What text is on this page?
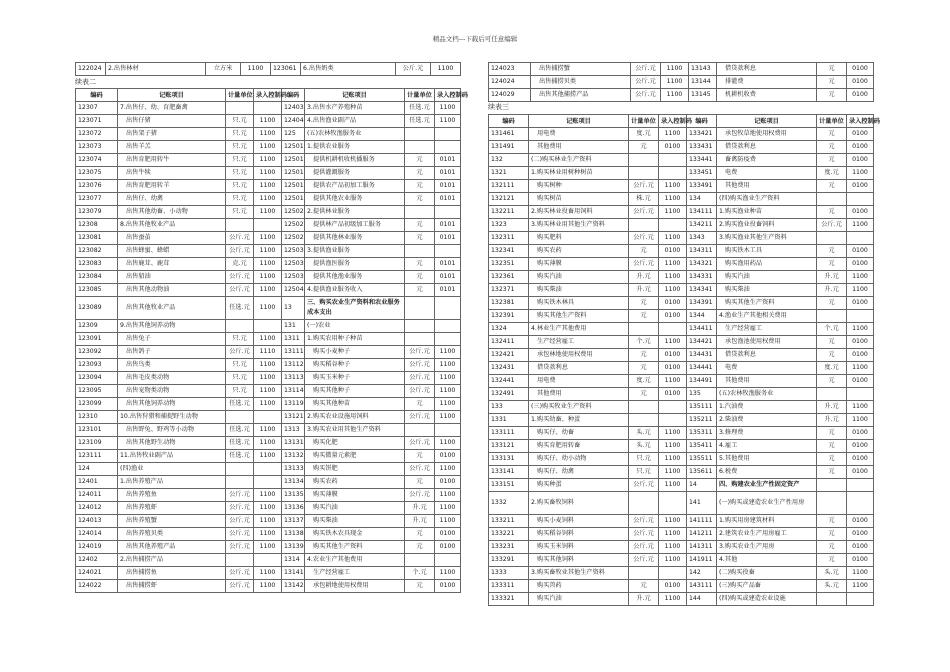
精品文档---下载后可任意编辑
122024	2.出售林材	立方米	1100	123061	6.出售奶类	公斤.元	1100
续表二
编码	记账项目	计量单位	录入控制码	编码	记账项目	计量单位	录入控制码
12307	7.出售仔、幼、育肥畜禽			12403	3.出售水产养殖种苗	任选.元	1100
123071	出售仔猪	只.元	1100	12404	4.出售渔业副产品	任选.元	1100
123072	出售架子猪	只.元	1100	125	(五)农林牧渔服务业		
123073	出售羊羔	只.元	1100	12501	1.提供农业服务		
123074	出售育肥用转牛	只.元	1100	12501	提供机耕机收机播服务	元	0101
123075	出售牛犊	只.元	1100	12501	提供灌溉服务	元	0101
123076	出售育肥用转羊	只.元	1100	12501	提供农产品初加工服务	元	0101
123077	出售仔、幼禽	只.元	1100	12501	提供其他农业服务	元	0101
123079	出售其他幼畜、小动物	只.元	1100	12502	2.提供林业服务		
12308	8.出售其他牧业产品			12502	提供林产品初级加工服务	元	0101
123081	出售蚕茧	公斤.元	1100	12502	提供其他林业服务	元	0101
123082	出售蜂蜜、蜂蜡	公斤.元	1100	12503	3.提供渔业服务		
123083	出售鹿茸、鹿茸	克.元	1100	12503	提供渔医服务	元	0101
123084	出售貂油	公斤.元	1100	12503	提供其他渔业服务	元	0101
123085	出售其他动物油	公斤.元	1100	12504	4.提供渔业服务收入	元	0101
123089	出售其他牧业产品	任选.元	1100	13	三、购买农业生产资料和农业服务成本支出		
12309	9.出售其他饲养动物			131	(一)农业		
123091	出售兔子	只.元	1100	1311	1.购买农用种子种苗		
123092	出售鸽子	公斤.元	1110	13111	购买小麦种子	公斤.元	1100
123093	出售鸟类	只.元	1100	13112	购买稻谷种子	公斤.元	1100
123094	出售毛皮类动物	只.元	1100	13113	购买玉米种子	公斤.元	1100
123095	出售宠物类动物	只.元	1100	13114	购买其他种子	公斤.元	1100
123099	出售其他饲养动物	任选.元	1100	13119	购买其他种苗	元	1100
12310	10.出售狩猎和捕捉野生动物			13121	2.购买农业设施用饲料	公斤.元	1100
123101	出售野兔、野鸡等小动物	任选.元	1100	1313	3.购买农业用其他生产资料		
123109	出售其他野生动物	任选.元	1100	13131	购买化肥	公斤.元	1100
123111	11.出售牧业副产品	任选.元	1100	13132	购买微量元素肥	元	0100
124	(四)渔业			13133	购买饼肥	公斤.元	1100
12401	1.出售养殖产品			13134	购买农药	元	0100
124011	出售养殖鱼	公斤.元	1100	13135	购买薄膜	公斤.元	1100
124012	出售养殖虾	公斤.元	1100	13136	购买汽油	升.元	1100
124013	出售养殖蟹	公斤.元	1100	13137	购买柴油	升.元	1100
124014	出售养殖贝类	公斤.元	1100	13138	购买铁木农具现金	元	0100
124019	出售其他养殖产品	公斤.元	1100	13139	购买其他生产资料	元	0100
12402	2.出售捕捞产品			1314	4.农业生产其他费用		
124021	出售捕捞鱼	公斤.元	1100	13141	生产经营雇工	个.元	1100
124022	出售捕捞虾	公斤.元	1100	13142	承包耕地使用权费用	元	0100
124023	出售捕捞蟹	公斤.元	1100	13143	借贷款利息	元	0100
124024	出售捕捞贝类	公斤.元	1100	13144	排灌费	元	0100
124029	出售其他捕捞产品	公斤.元	1100	13145	机耕机收费	元	0100
续表三
编码	记账项目	计量单位	录入控制码	编码	记账项目	计量单位	录入控制码
131461	用电费	度.元	1100	133421	承包牧草地使用权费用	元	0100
131491	其他费用	元	0100	133431	借贷款利息	元	0100
132	(二)购买林业生产资料			133441	畜禽防疫费	元	0100
1321	1.购买林业用树种树苗			133451	电费	度.元	1100
132111	购买树种	公斤.元	1100	133491	其他费用	元	0100
132121	购买树苗	株.元	1100	134	(四)购买渔业生产资料		
132211	2.购买林业役畜用饲料	公斤.元	1100	134111	1.购买渔业种苗	元	0100
1323	3.购买林业用其他生产资料			134211	2.购买渔业役畜饲料	公斤.元	1100
132311	购买肥料	公斤.元	1100	1343	3.购买渔业其他生产资料		
132341	购买农药	元	0100	134311	购买铁木工具	元	0100
132351	购买薄膜	公斤.元	1100	134321	购买渔用药品	元	0100
132361	购买汽油	升.元	1100	134331	购买汽油	升.元	1100
132371	购买柴油	升.元	1100	134341	购买柴油	升.元	1100
132381	购买铁木林具	元	0100	134391	购买其他生产资料	元	0100
132391	购买其他生产资料	元	0100	1344	4.渔业生产其他相关费用		
1324	4.林业生产其他费用			134411	生产经营雇工	个.元	1100
132411	生产经营雇工	个.元	1100	134421	承包渔池使用权费用	元	0100
132421	承包林地使用权费用	元	0100	134431	借贷款利息	元	0100
132431	借贷款利息	元	0100	134441	电费	度.元	1100
132441	用电费	度.元	1100	134491	其他费用	元	0100
132491	其他费用	元	0100	135	(五)农林牧渔服务业		
133	(三)购买牧业生产资料			135111	1.汽油费	升.元	1100
1331	1.购买幼畜、种蛋			135211	2.柴油费	升.元	1100
133111	购买仔、幼畜	头.元	1100	135311	3.修理费	元	0100
133121	购买育肥用转畜	头.元	1100	135411	4.雇工	元	0100
133131	购买仔、幼小动物	只.元	1100	135511	5.其他费用	元	0100
133141	购买仔、幼禽	只.元	1100	135611	6.税费	元	0100
133151	购买种蛋	公斤.元	1100	14	四、购建农业生产性固定资产		
1332	2.购买畜牧饲料			141	(一)购买或建造农业生产性用房		
133211	购买小麦饲料	公斤.元	1100	141111	1.购买用房建筑材料	元	0100
133221	购买稻谷饲料	公斤.元	1100	141211	2.建筑农业生产用房雇工	元	0100
133231	购买玉米饲料	公斤.元	1100	141311	3.购买农业生产用房	元	0100
133291	购买其他饲料	公斤.元	1100	141911	4.其他	元	0100
1333	3.购买畜牧业其他生产资料			142	(二)购买役畜	头.元	1100
133311	购买兽药	元	0100	143111	(三)购买产品畜	头.元	1100
133321	购买汽油	升.元	1100	144	(四)购买或建造农业设施		
